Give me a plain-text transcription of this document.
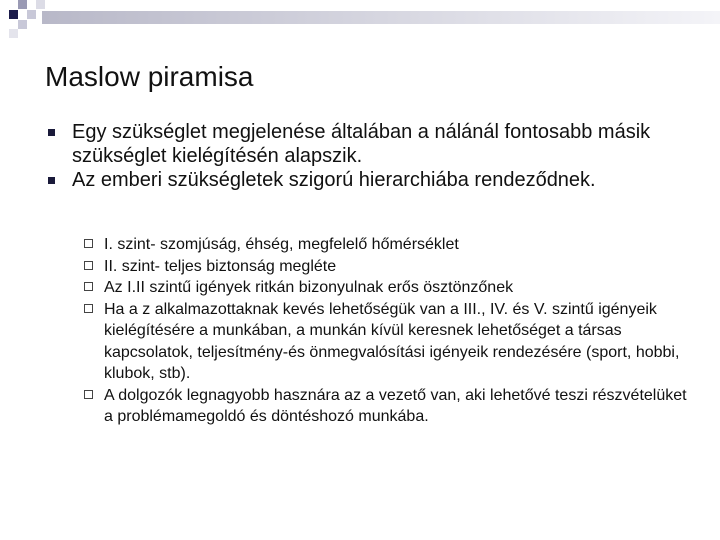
Maslow piramisa
Egy szükséglet megjelenése általában a nálánál fontosabb másik szükséglet kielégítésén alapszik.
Az emberi szükségletek szigorú hierarchiába rendeződnek.
I. szint- szomjúság, éhség, megfelelő hőmérséklet
II. szint- teljes biztonság megléte
Az I.II szintű igények ritkán bizonyulnak erős ösztönzőnek
Ha a z alkalmazottaknak kevés lehetőségük van a III., IV. és V. szintű igényeik kielégítésére a munkában, a munkán kívül keresnek lehetőséget a társas kapcsolatok, teljesítmény-és önmegvalósítási igényeik rendezésére (sport, hobbi, klubok, stb).
A dolgozók legnagyobb hasznára az a vezető van, aki lehetővé teszi részvételüket a problémamegoldó és döntéshozó munkába.
